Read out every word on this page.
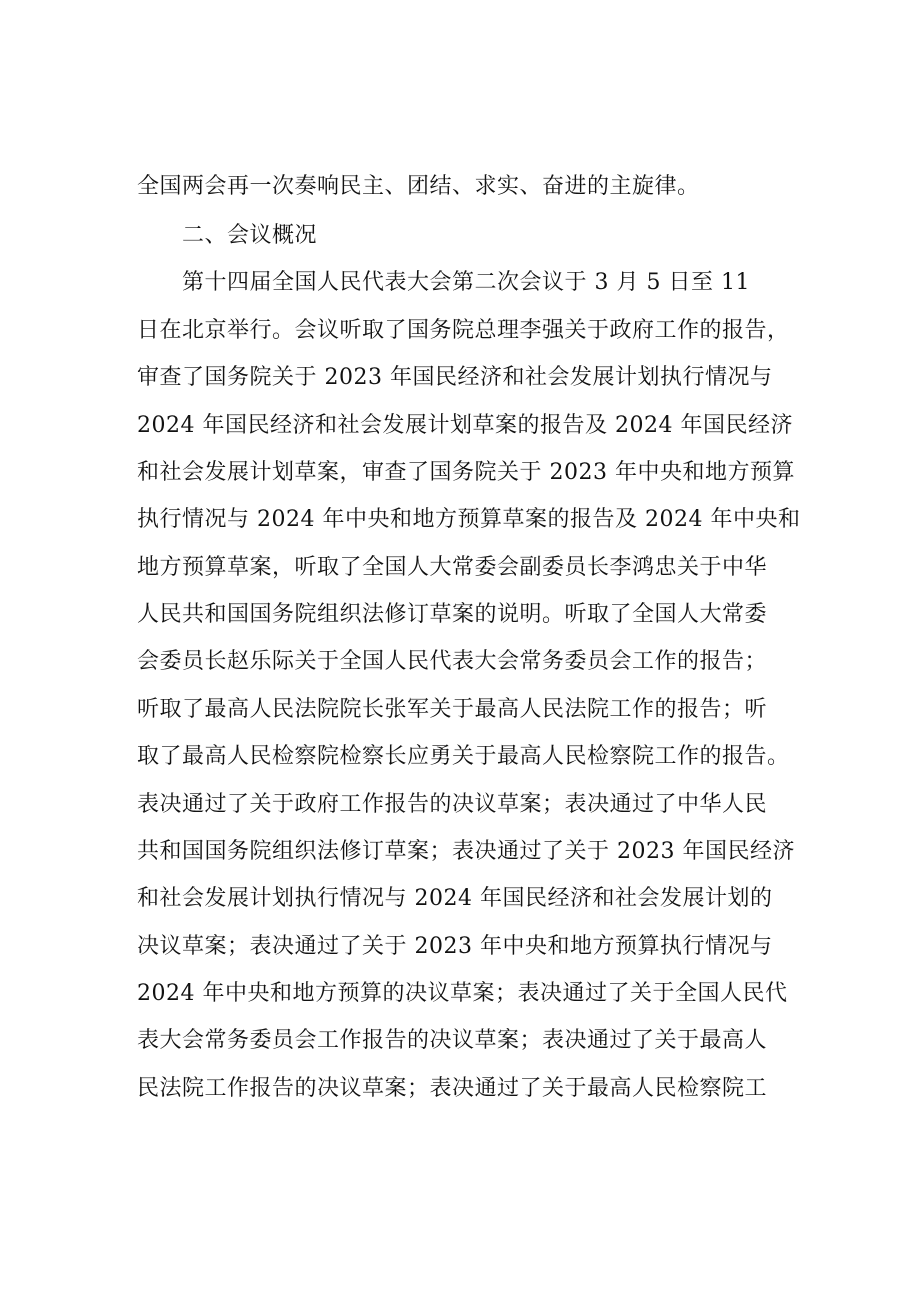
全国两会再一次奏响民主、团结、求实、奋进的主旋律。
二、会议概况
第十四届全国人民代表大会第二次会议于 3 月 5 日至 11
日在北京举行。会议听取了国务院总理李强关于政府工作的报告，
审查了国务院关于 2023 年国民经济和社会发展计划执行情况与
2024 年国民经济和社会发展计划草案的报告及 2024 年国民经济
和社会发展计划草案，审查了国务院关于 2023 年中央和地方预算
执行情况与 2024 年中央和地方预算草案的报告及 2024 年中央和
地方预算草案，听取了全国人大常委会副委员长李鸿忠关于中华
人民共和国国务院组织法修订草案的说明。听取了全国人大常委
会委员长赵乐际关于全国人民代表大会常务委员会工作的报告；
听取了最高人民法院院长张军关于最高人民法院工作的报告；听
取了最高人民检察院检察长应勇关于最高人民检察院工作的报告。
表决通过了关于政府工作报告的决议草案；表决通过了中华人民
共和国国务院组织法修订草案；表决通过了关于 2023 年国民经济
和社会发展计划执行情况与 2024 年国民经济和社会发展计划的
决议草案；表决通过了关于 2023 年中央和地方预算执行情况与
2024 年中央和地方预算的决议草案；表决通过了关于全国人民代
表大会常务委员会工作报告的决议草案；表决通过了关于最高人
民法院工作报告的决议草案；表决通过了关于最高人民检察院工
